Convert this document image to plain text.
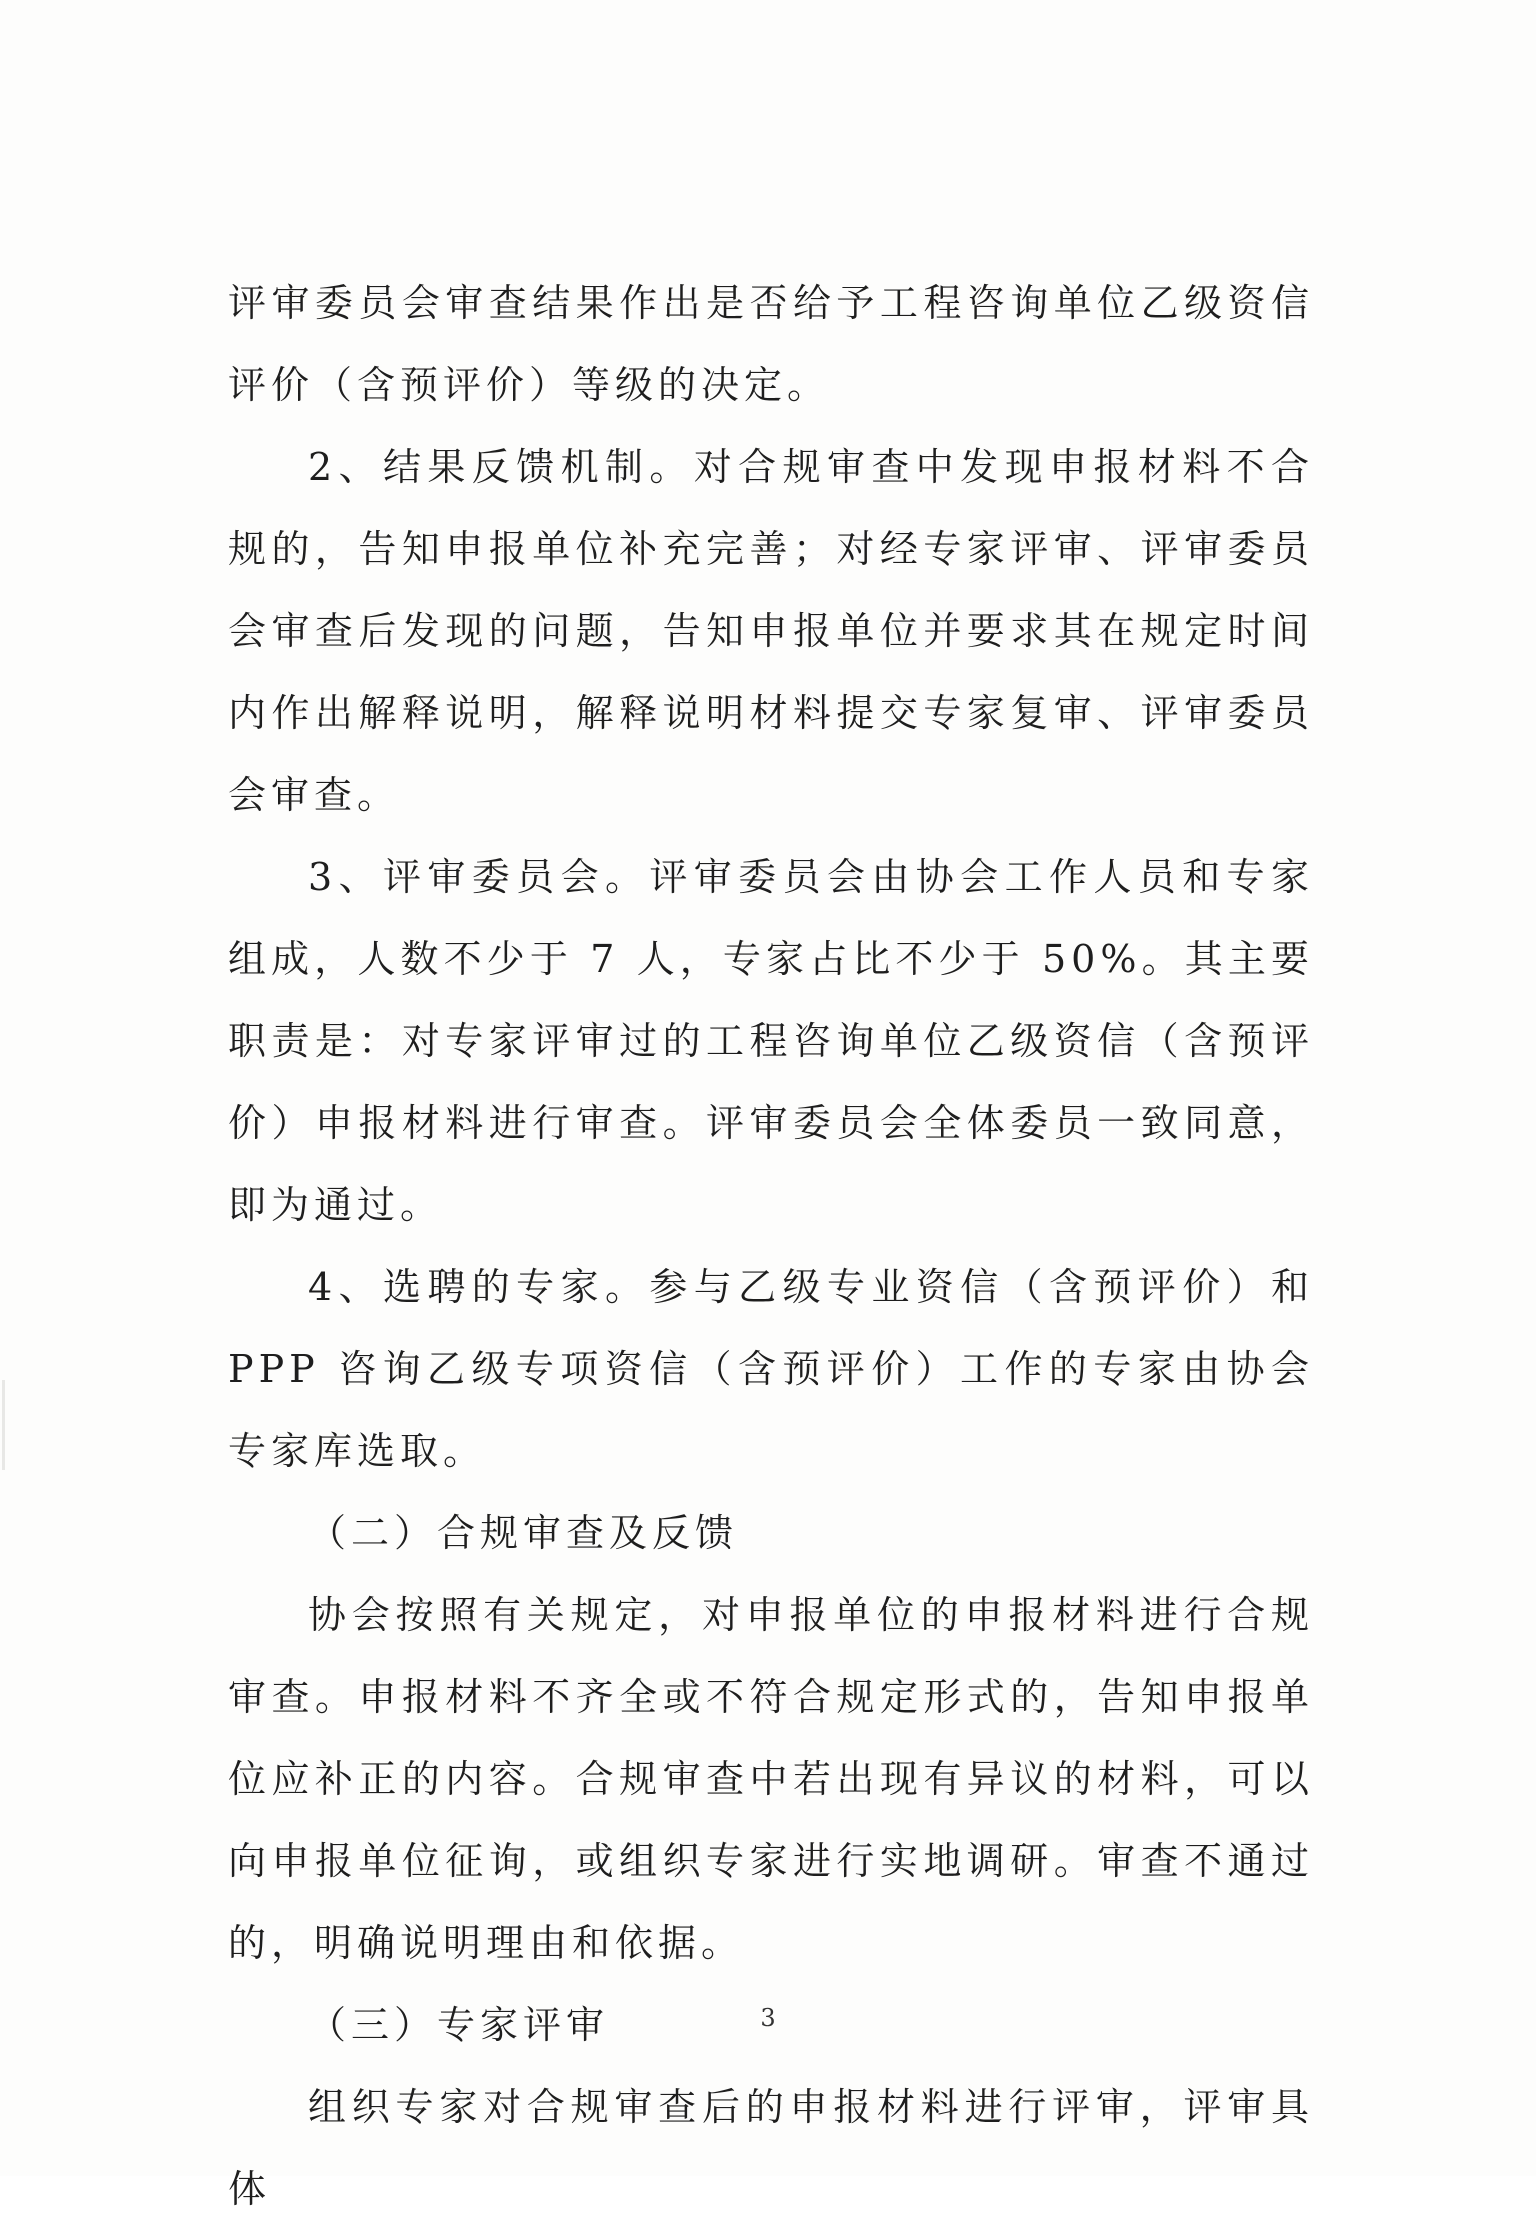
评审委员会审查结果作出是否给予工程咨询单位乙级资信评价（含预评价）等级的决定。

2、结果反馈机制。对合规审查中发现申报材料不合规的，告知申报单位补充完善；对经专家评审、评审委员会审查后发现的问题，告知申报单位并要求其在规定时间内作出解释说明，解释说明材料提交专家复审、评审委员会审查。

3、评审委员会。评审委员会由协会工作人员和专家组成，人数不少于 7 人，专家占比不少于 50%。其主要职责是：对专家评审过的工程咨询单位乙级资信（含预评价）申报材料进行审查。评审委员会全体委员一致同意，即为通过。

4、选聘的专家。参与乙级专业资信（含预评价）和 PPP 咨询乙级专项资信（含预评价）工作的专家由协会专家库选取。

（二）合规审查及反馈

协会按照有关规定，对申报单位的申报材料进行合规审查。申报材料不齐全或不符合规定形式的，告知申报单位应补正的内容。合规审查中若出现有异议的材料，可以向申报单位征询，或组织专家进行实地调研。审查不通过的，明确说明理由和依据。

（三）专家评审

组织专家对合规审查后的申报材料进行评审，评审具体

3
